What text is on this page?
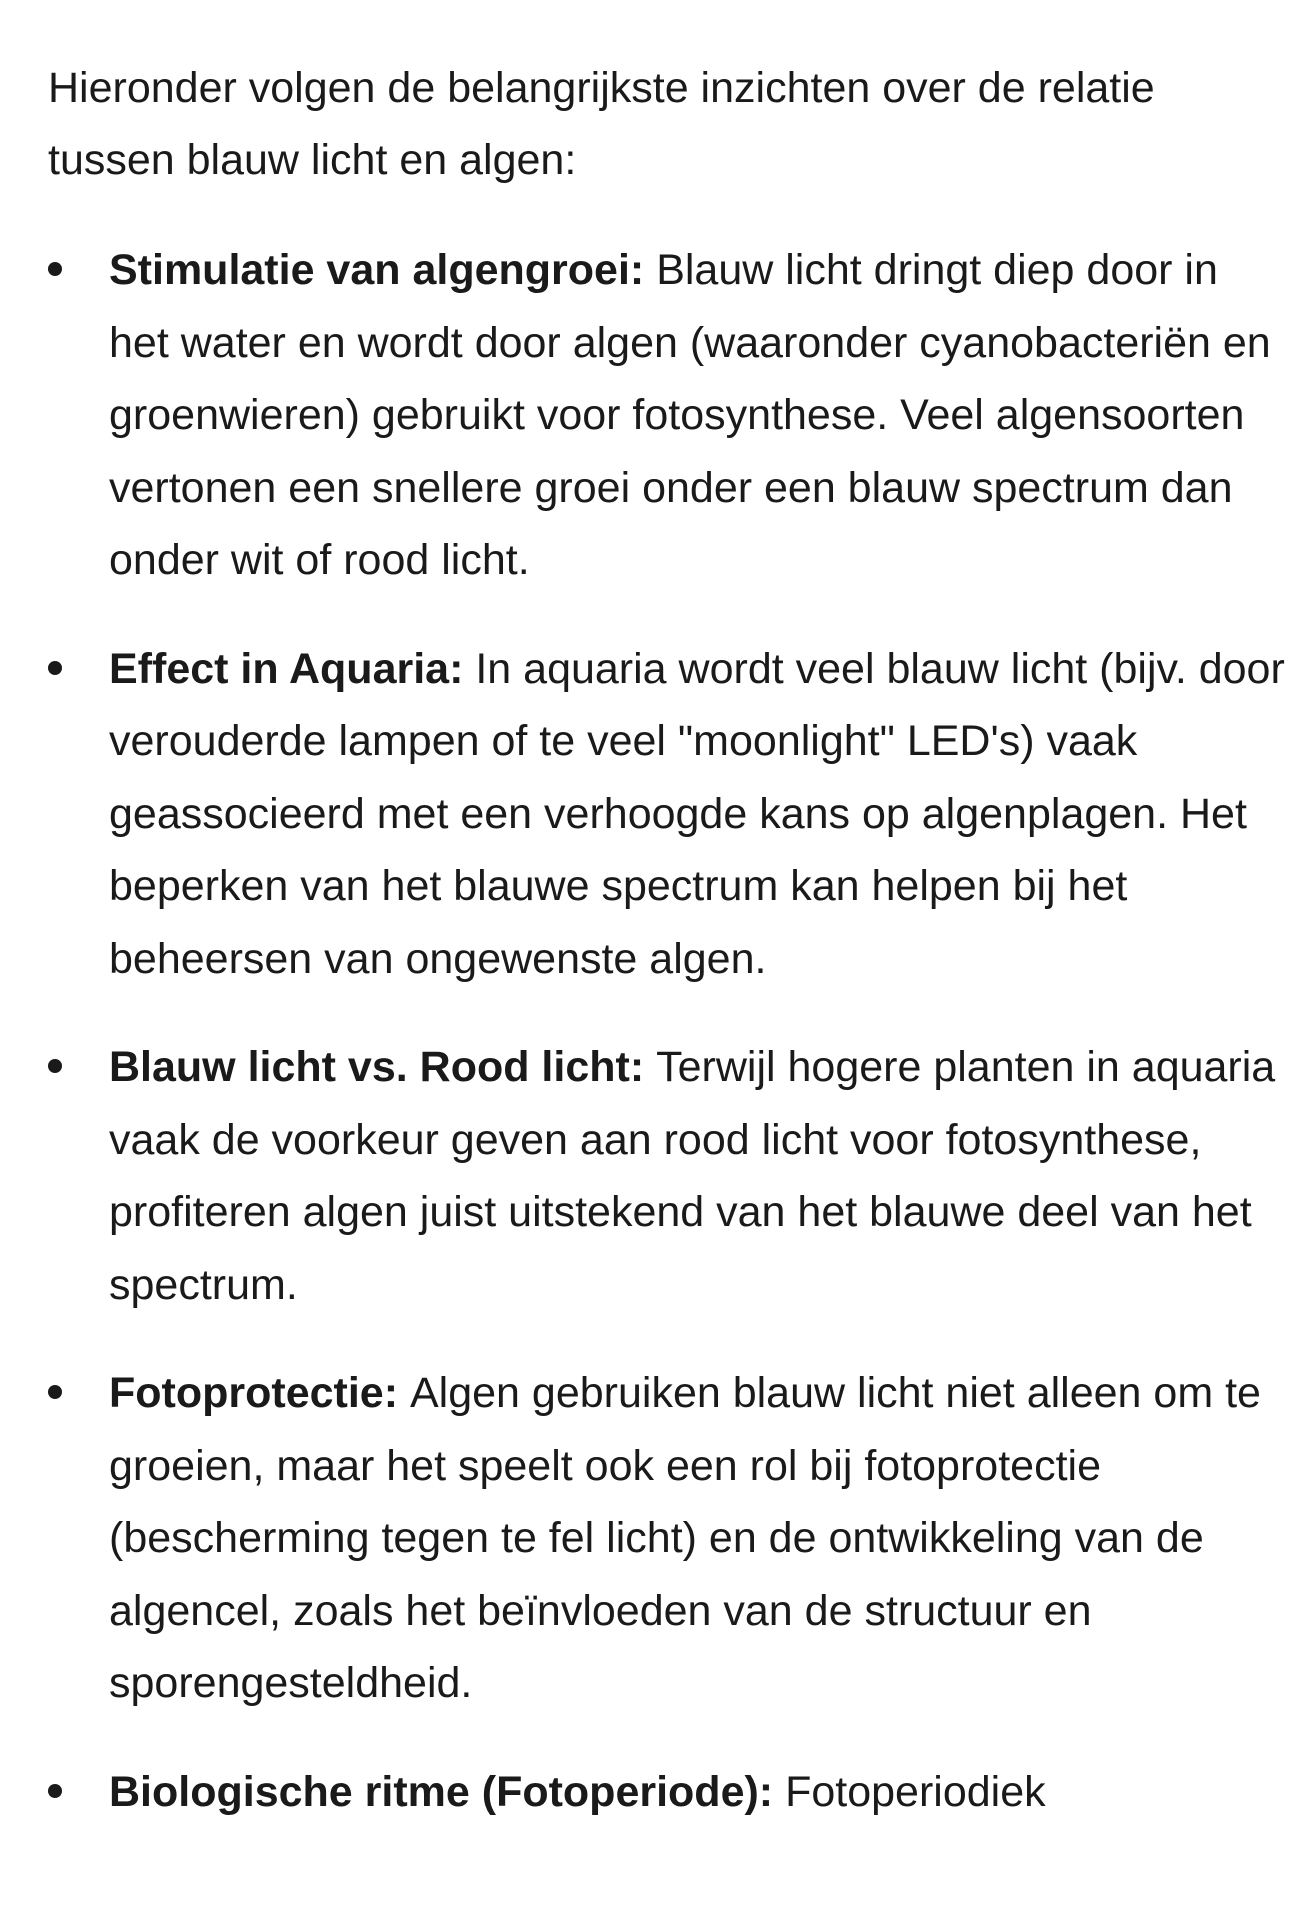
Hieronder volgen de belangrijkste inzichten over de relatie tussen blauw licht en algen:

Stimulatie van algengroei: Blauw licht dringt diep door in het water en wordt door algen (waaronder cyanobacteriën en groenwieren) gebruikt voor fotosynthese. Veel algensoorten vertonen een snellere groei onder een blauw spectrum dan onder wit of rood licht.
Effect in Aquaria: In aquaria wordt veel blauw licht (bijv. door verouderde lampen of te veel "moonlight" LED's) vaak geassocieerd met een verhoogde kans op algenplagen. Het beperken van het blauwe spectrum kan helpen bij het beheersen van ongewenste algen.
Blauw licht vs. Rood licht: Terwijl hogere planten in aquaria vaak de voorkeur geven aan rood licht voor fotosynthese, profiteren algen juist uitstekend van het blauwe deel van het spectrum.
Fotoprotectie: Algen gebruiken blauw licht niet alleen om te groeien, maar het speelt ook een rol bij fotoprotectie (bescherming tegen te fel licht) en de ontwikkeling van de algencel, zoals het beïnvloeden van de structuur en sporengesteldheid.
Biologische ritme (Fotoperiode): Fotoperiodiek
